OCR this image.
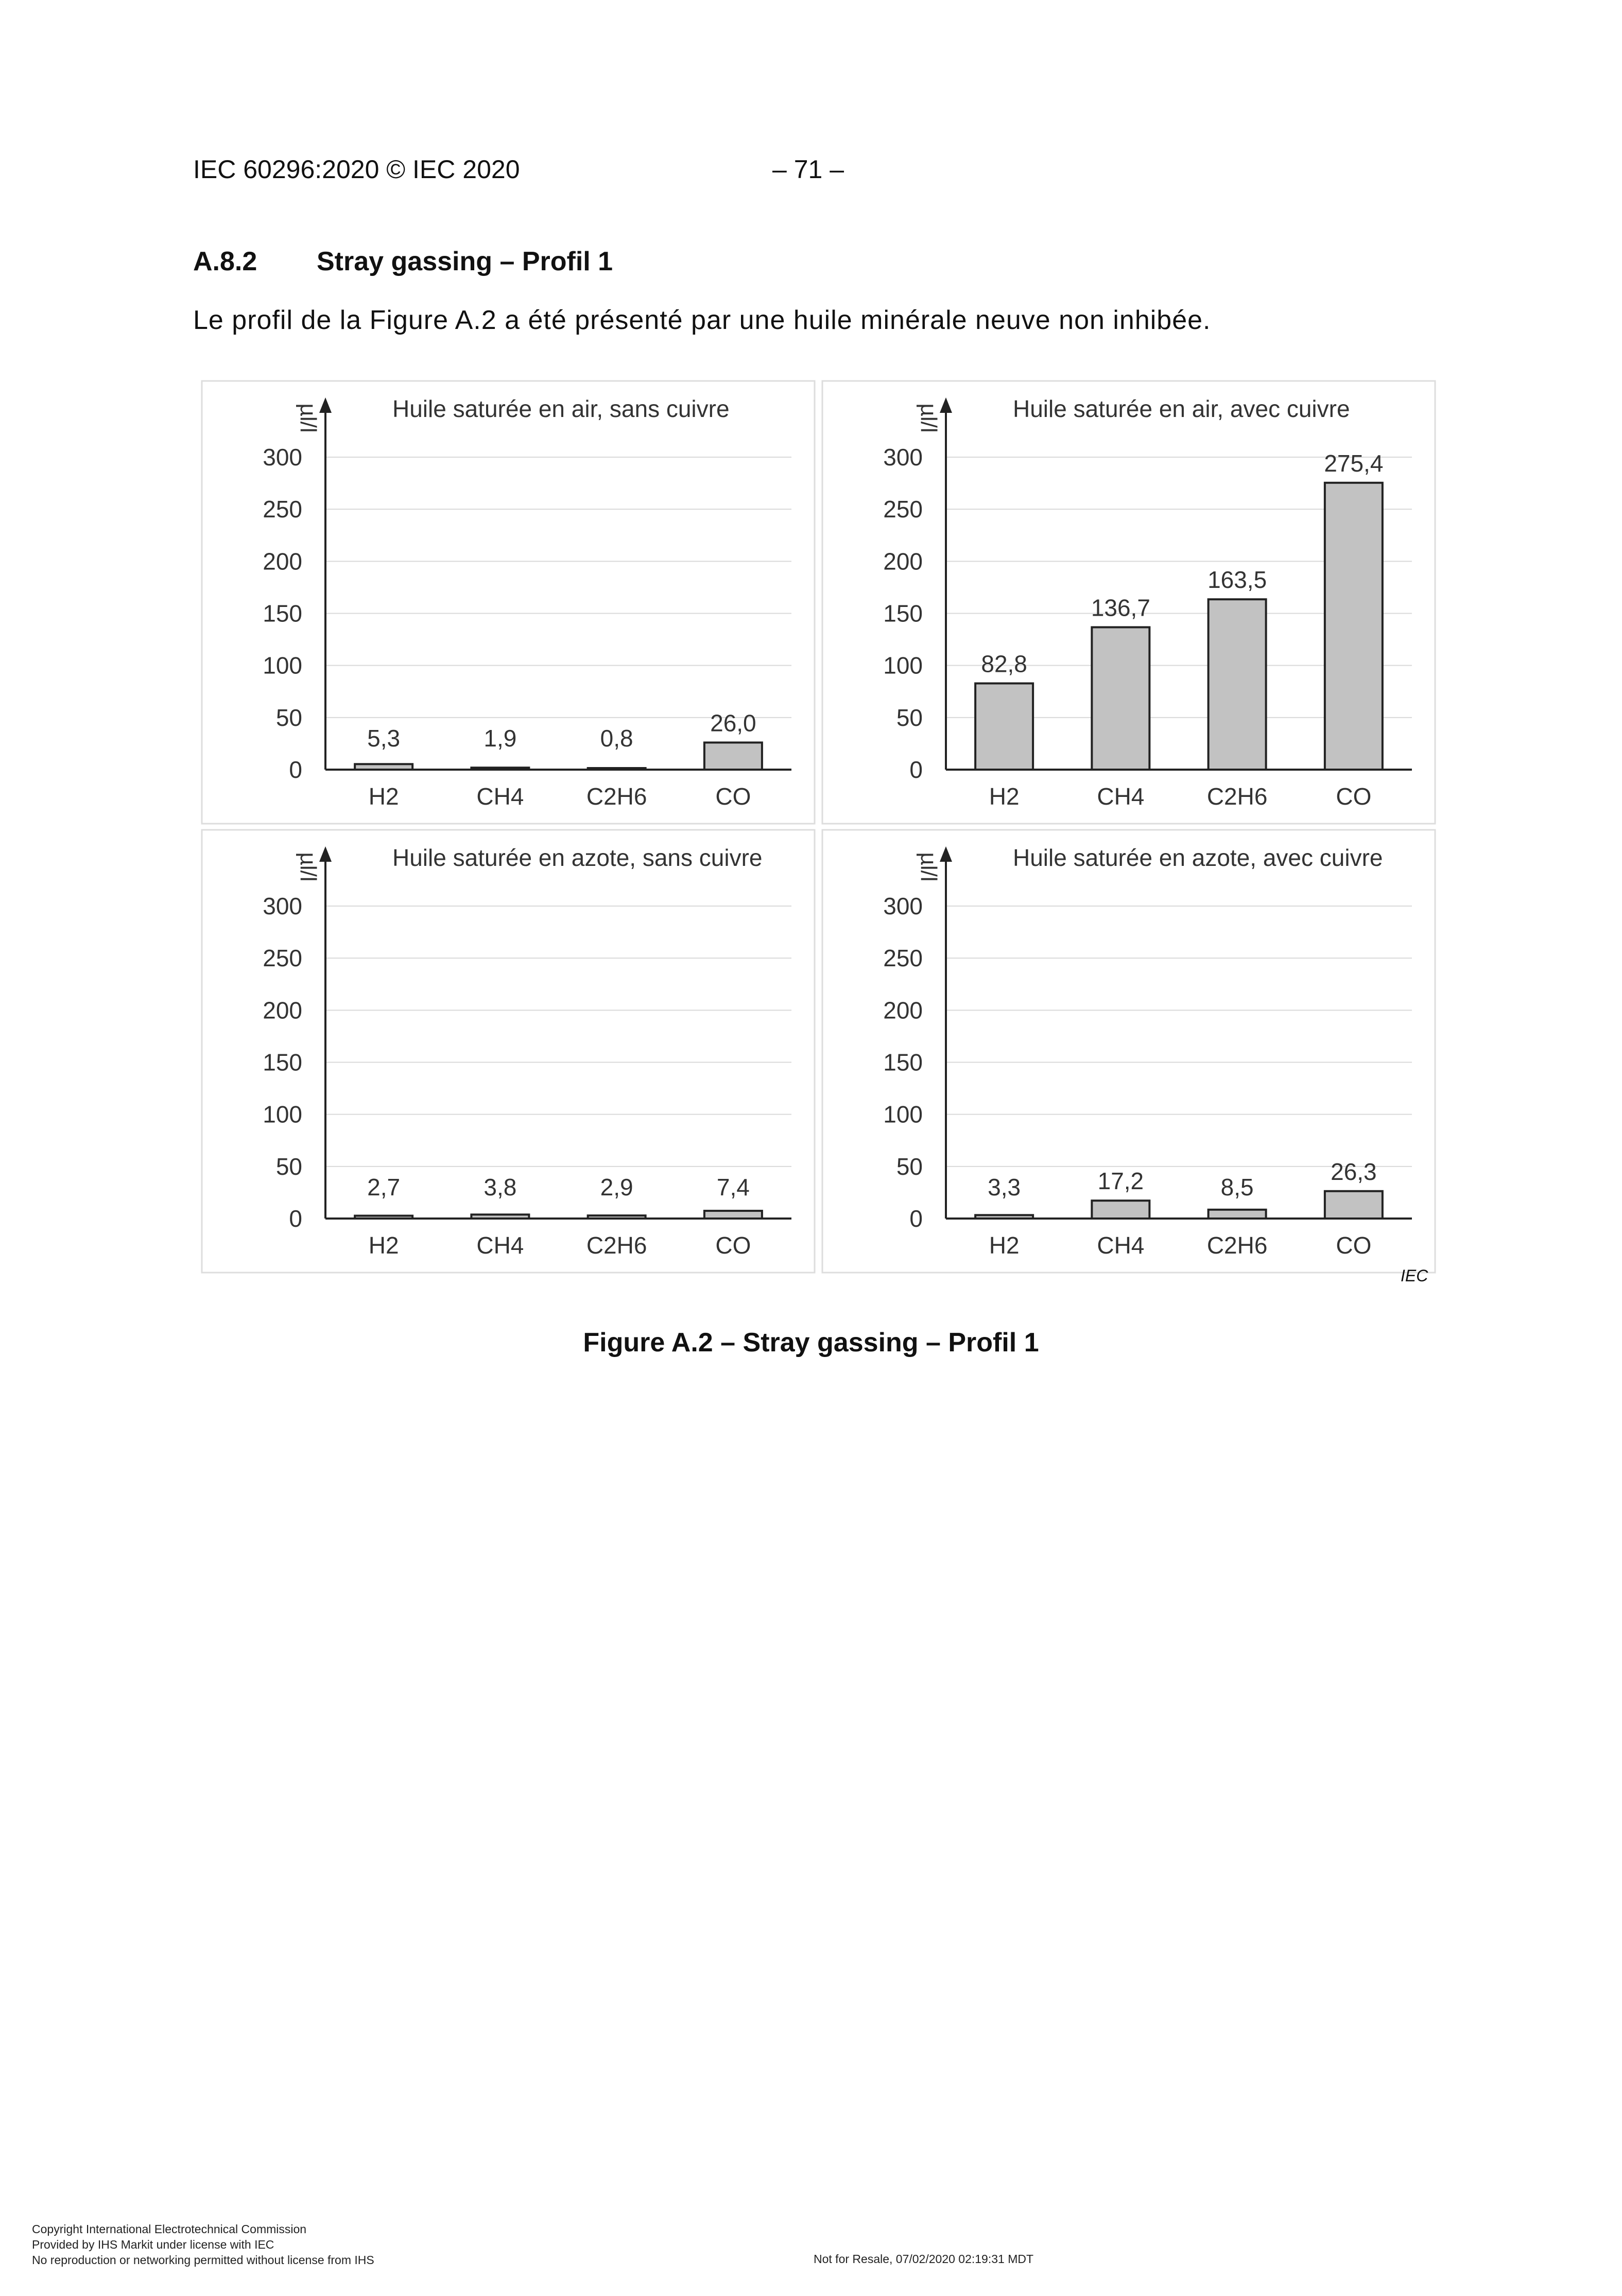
IEC 60296:2020 © IEC 2020	– 71 –
A.8.2 Stray gassing – Profil 1
Le profil de la Figure A.2 a été présenté par une huile minérale neuve non inhibée.
0
50
100
150
200
250
300
µl/l	Huile saturée en air, sans cuivre
5,3
H2
1,9
CH4
0,8
C2H6
26,0
CO
0
50
100
150
200
250
300
µl/l	Huile saturée en air, avec cuivre
82,8
H2
136,7
CH4
163,5
C2H6
275,4
CO
0
50
100
150
200
250
300
µl/l	Huile saturée en azote, sans cuivre
2,7
H2
3,8
CH4
2,9
C2H6
7,4
CO
0
50
100
150
200
250
300
µl/l	Huile saturée en azote, avec cuivre
3,3
H2
17,2
CH4
8,5
C2H6
26,3
CO
IEC
Figure A.2 – Stray gassing – Profil 1
Copyright International Electrotechnical Commission
Provided by IHS Markit under license with IEC
No reproduction or networking permitted without license from IHS	Not for Resale, 07/02/2020 02:19:31 MDT
